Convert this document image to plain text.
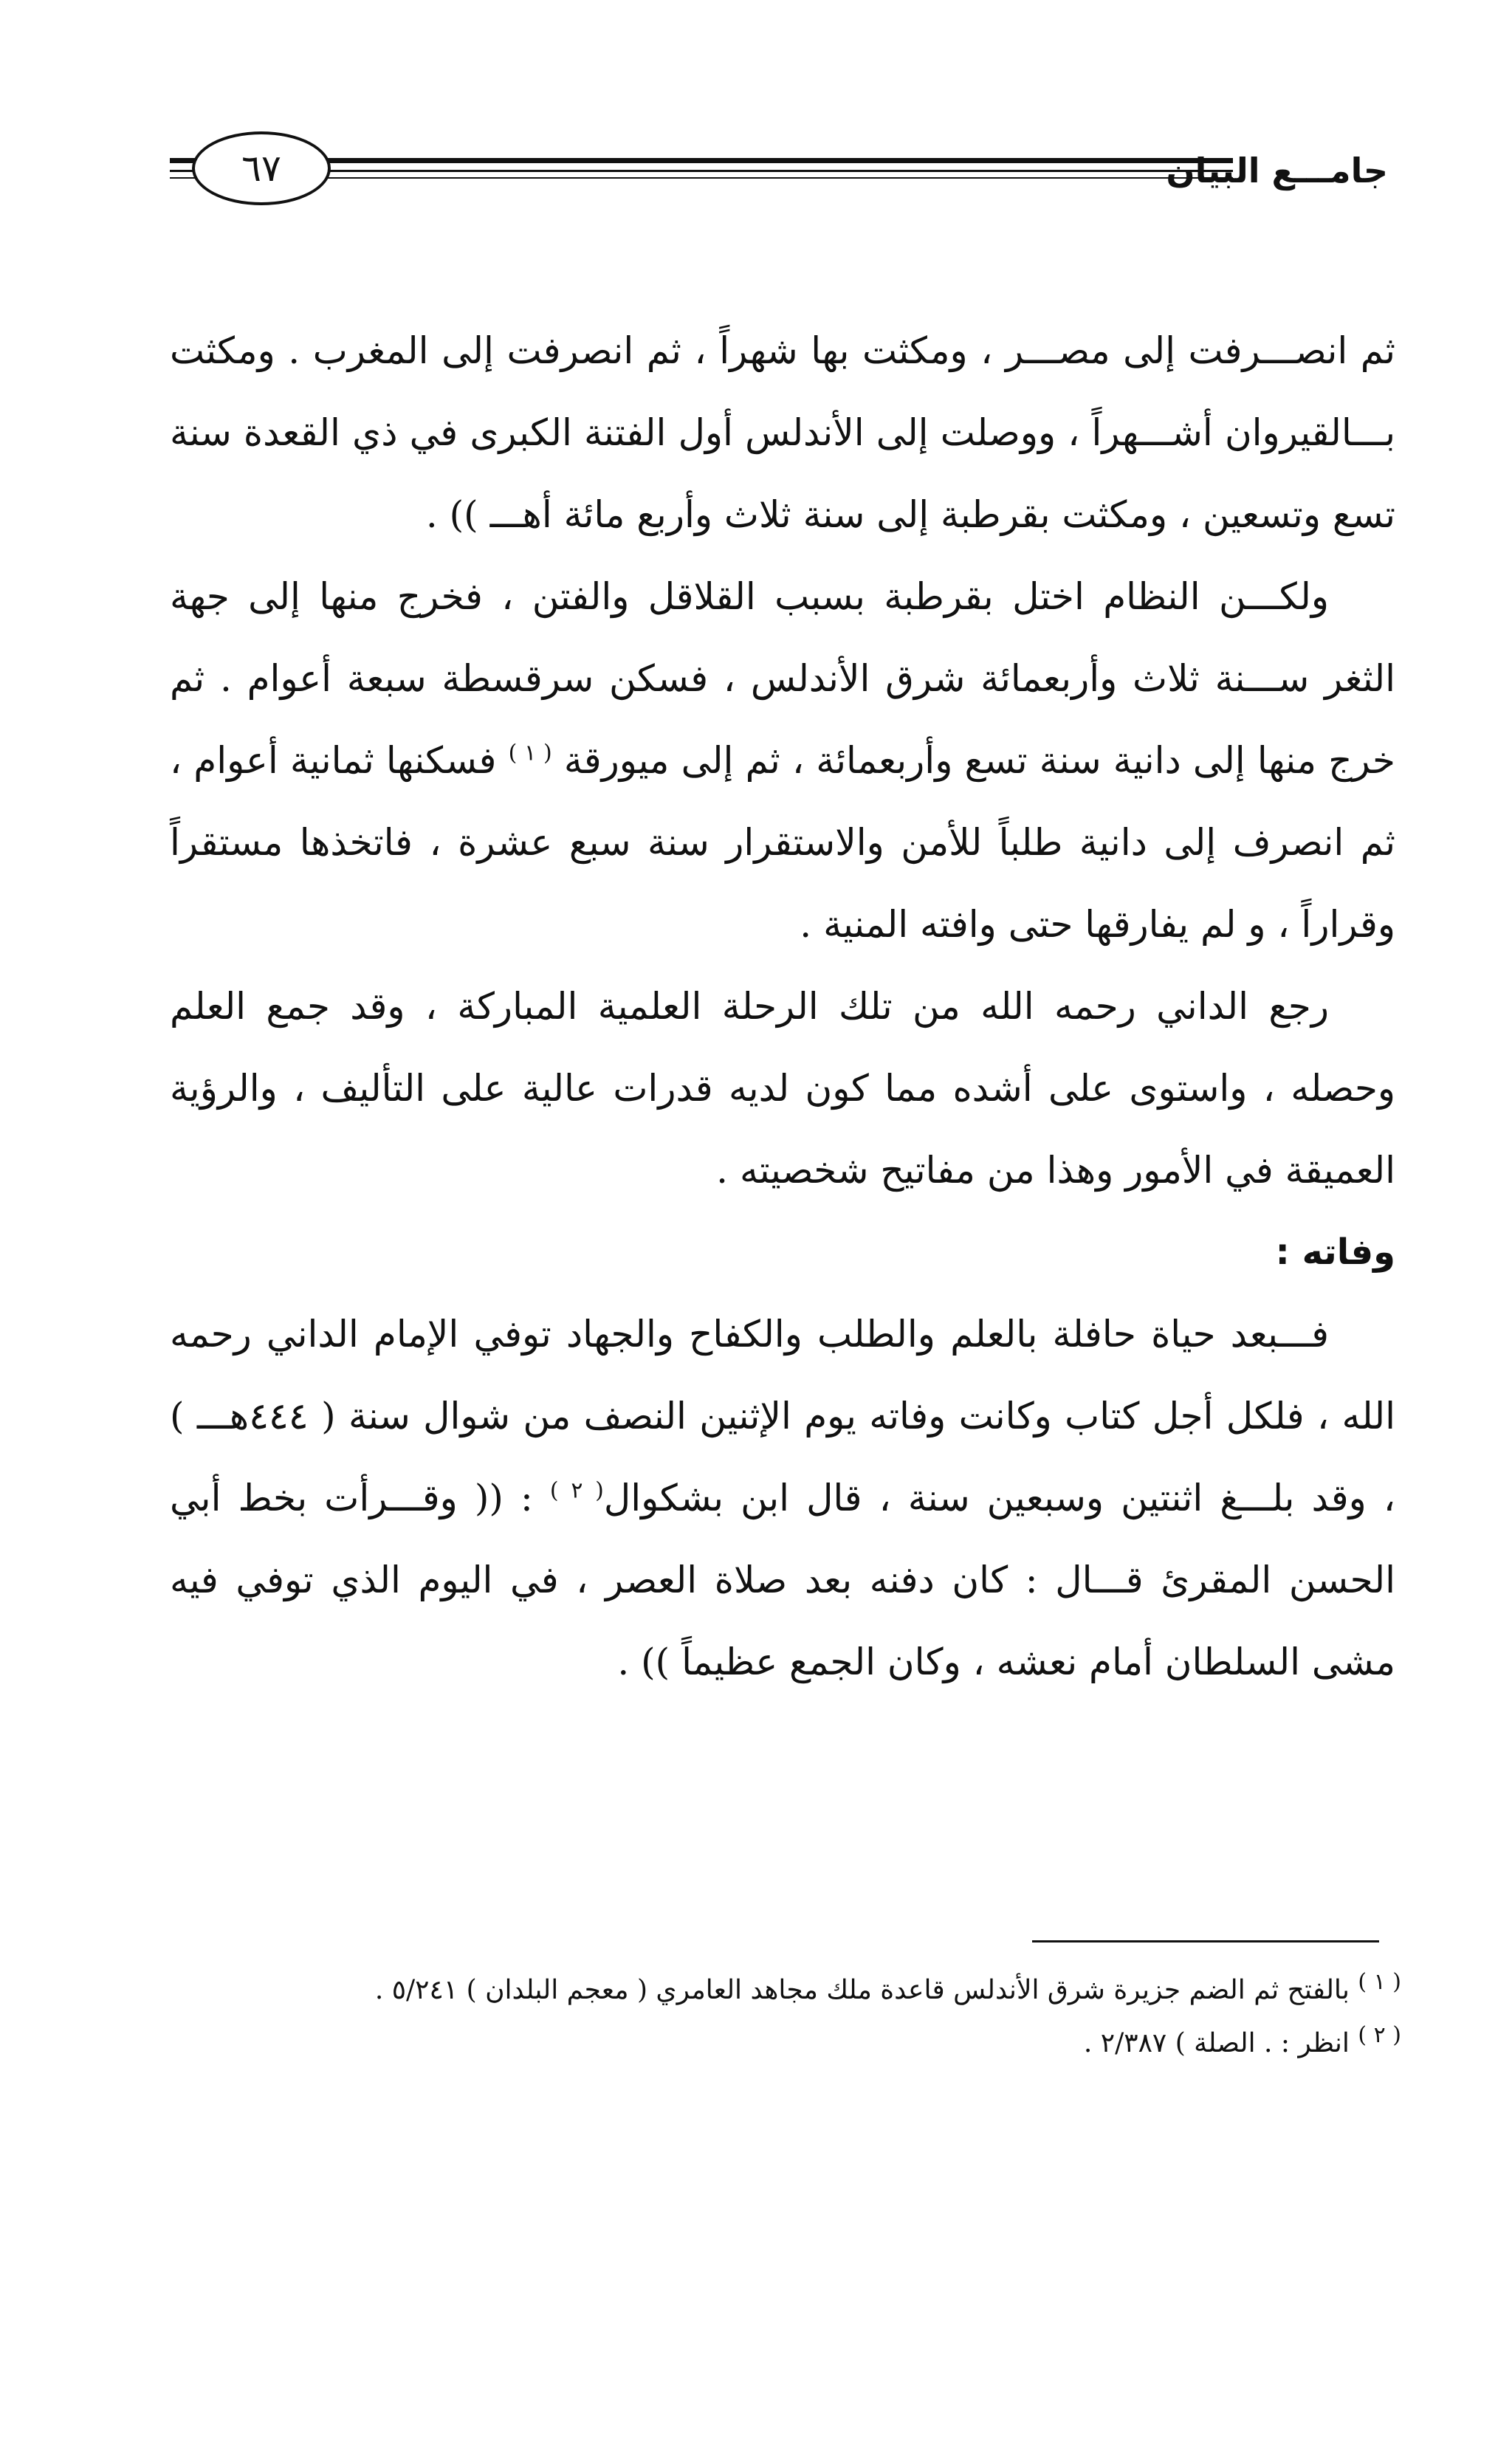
٦٧	جامـــع البيان

ثم انصـــرفت إلى مصـــر ، ومكثت بها شهراً ، ثم انصرفت إلى المغرب . ومكثت بـــالقيروان أشـــهراً ، ووصلت إلى الأندلس أول الفتنة الكبرى في ذي القعدة سنة تسع وتسعين ، ومكثت بقرطبة إلى سنة ثلاث وأربع مائة أهـــ )) .

ولكـــن النظام اختل بقرطبة بسبب القلاقل والفتن ، فخرج منها إلى جهة الثغر ســـنة ثلاث وأربعمائة شرق الأندلس ، فسكن سرقسطة سبعة أعوام . ثم خرج منها إلى دانية سنة تسع وأربعمائة ، ثم إلى ميورقة $^{( ١ )}$ فسكنها ثمانية أعوام ، ثم انصرف إلى دانية طلباً للأمن والاستقرار سنة سبع عشرة ، فاتخذها مستقراً وقراراً ، و لم يفارقها حتى وافته المنية .

رجع الداني رحمه الله من تلك الرحلة العلمية المباركة ، وقد جمع العلم وحصله ، واستوى على أشده مما كون لديه قدرات عالية على التأليف ، والرؤية العميقة في الأمور وهذا من مفاتيح شخصيته .

وفاته :

فـــبعد حياة حافلة بالعلم والطلب والكفاح والجهاد توفي الإمام الداني رحمه الله ، فلكل أجل كتاب وكانت وفاته يوم الإثنين النصف من شوال سنة ( ٤٤٤هـــ ) ، وقد بلـــغ اثنتين وسبعين سنة ، قال ابن بشكوال$^{( ٢ )}$ : (( وقـــرأت بخط أبي الحسن المقرئ قـــال : كان دفنه بعد صلاة العصر ، في اليوم الذي توفي فيه مشى السلطان أمام نعشه ، وكان الجمع عظيماً )) .

$^{( ١ )}$ بالفتح ثم الضم جزيرة شرق الأندلس قاعدة ملك مجاهد العامري ( معجم البلدان ) ٥/٢٤١ .
$^{( ٢ )}$ انظر : . الصلة ) ٢/٣٨٧ .
